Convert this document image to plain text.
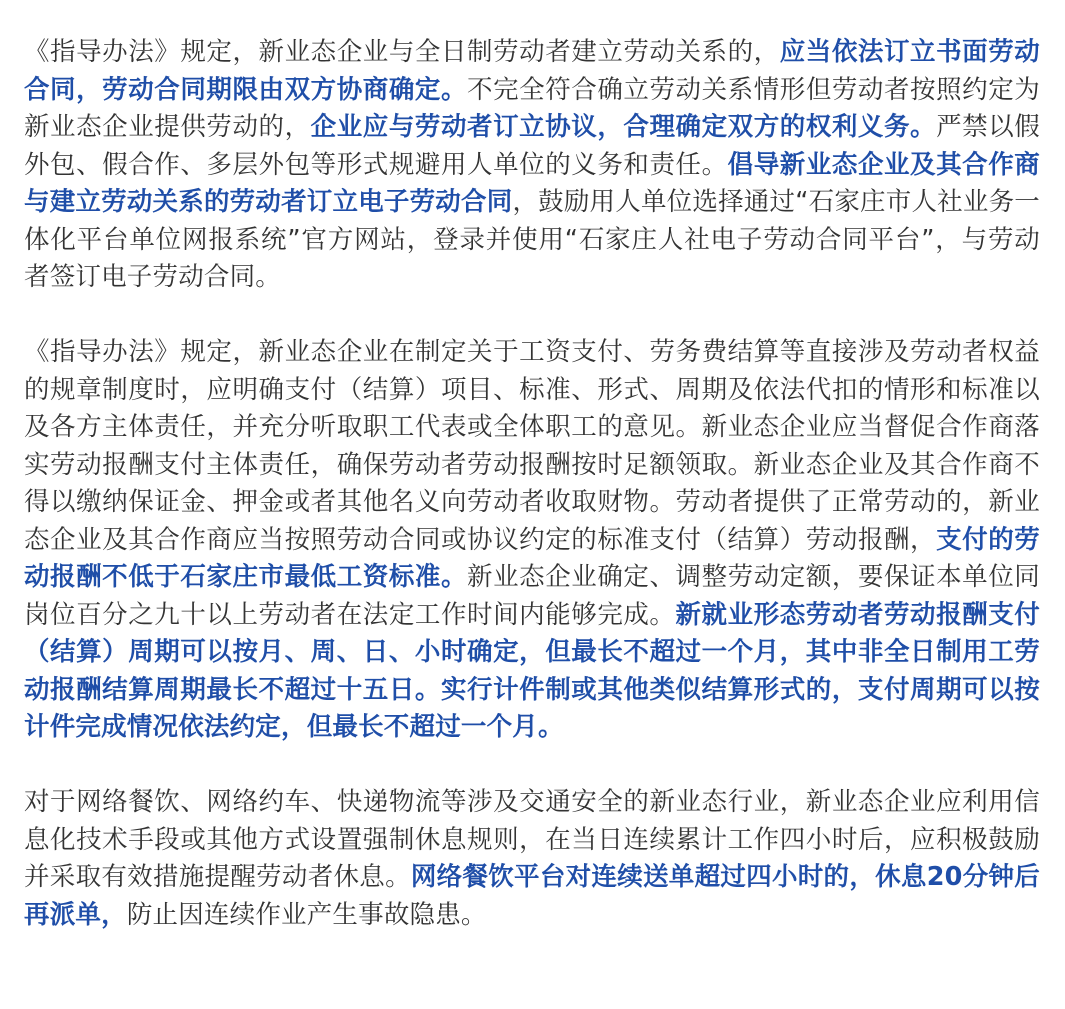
《指导办法》规定，新业态企业与全日制劳动者建立劳动关系的，应当依法订立书面劳动合同，劳动合同期限由双方协商确定。不完全符合确立劳动关系情形但劳动者按照约定为新业态企业提供劳动的，企业应与劳动者订立协议，合理确定双方的权利义务。严禁以假外包、假合作、多层外包等形式规避用人单位的义务和责任。倡导新业态企业及其合作商与建立劳动关系的劳动者订立电子劳动合同，鼓励用人单位选择通过“石家庄市人社业务一体化平台单位网报系统”官方网站，登录并使用“石家庄人社电子劳动合同平台”，与劳动者签订电子劳动合同。

《指导办法》规定，新业态企业在制定关于工资支付、劳务费结算等直接涉及劳动者权益的规章制度时，应明确支付（结算）项目、标准、形式、周期及依法代扣的情形和标准以及各方主体责任，并充分听取职工代表或全体职工的意见。新业态企业应当督促合作商落实劳动报酬支付主体责任，确保劳动者劳动报酬按时足额领取。新业态企业及其合作商不得以缴纳保证金、押金或者其他名义向劳动者收取财物。劳动者提供了正常劳动的，新业态企业及其合作商应当按照劳动合同或协议约定的标准支付（结算）劳动报酬，支付的劳动报酬不低于石家庄市最低工资标准。新业态企业确定、调整劳动定额，要保证本单位同岗位百分之九十以上劳动者在法定工作时间内能够完成。新就业形态劳动者劳动报酬支付（结算）周期可以按月、周、日、小时确定，但最长不超过一个月，其中非全日制用工劳动报酬结算周期最长不超过十五日。实行计件制或其他类似结算形式的，支付周期可以按计件完成情况依法约定，但最长不超过一个月。

对于网络餐饮、网络约车、快递物流等涉及交通安全的新业态行业，新业态企业应利用信息化技术手段或其他方式设置强制休息规则，在当日连续累计工作四小时后，应积极鼓励并采取有效措施提醒劳动者休息。网络餐饮平台对连续送单超过四小时的，休息20分钟后再派单，防止因连续作业产生事故隐患。
